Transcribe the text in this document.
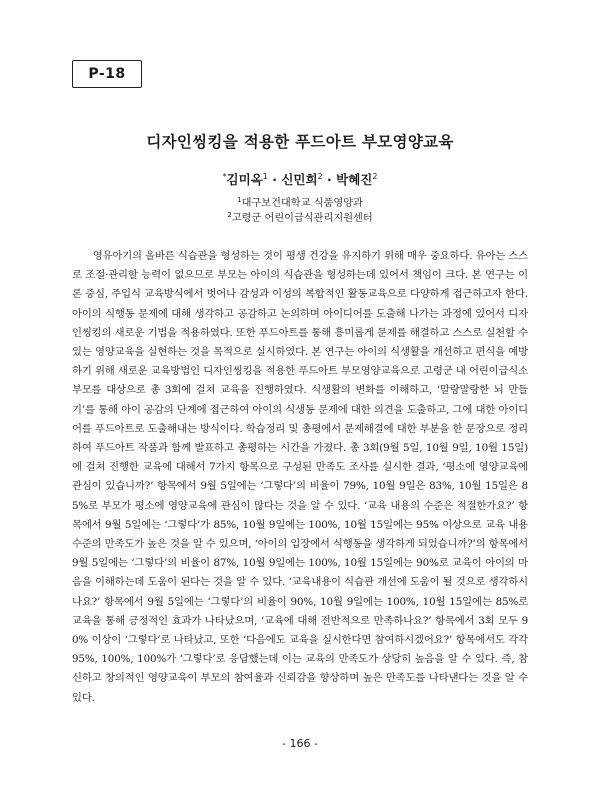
P-18
디자인씽킹을 적용한 푸드아트 부모영양교육
*김미옥$^1$ · 신민희$^2$ · 박혜진$^2$
$^1$대구보건대학교 식품영양과
$^2$고령군 어린이급식관리지원센터

영유아기의 올바른 식습관을 형성하는 것이 평생 건강을 유지하기 위해 매우 중요하다. 유아는 스스로 조절·관리할 능력이 없으므로 부모는 아이의 식습관을 형성하는데 있어서 책임이 크다. 본 연구는 이론 중심, 주입식 교육방식에서 벗어나 감성과 이성의 복합적인 활동교육으로 다양하게 접근하고자 한다. 아이의 식행동 문제에 대해 생각하고 공감하고 논의하며 아이디어를 도출해 나가는 과정에 있어서 디자인씽킹의 새로운 기법을 적용하였다. 또한 푸드아트를 통해 흥미롭게 문제를 해결하고 스스로 실천할 수 있는 영양교육을 실현하는 것을 목적으로 실시하였다. 본 연구는 아이의 식생활을 개선하고 편식을 예방하기 위해 새로운 교육방법인 디자인씽킹을 적용한 푸드아트 부모영양교육으로 고령군 내 어린이급식소 부모를 대상으로 총 3회에 걸쳐 교육을 진행하였다. 식생활의 변화를 이해하고, ‘말랑말랑한 뇌 만들기’를 통해 아이 공감의 단계에 접근하여 아이의 식생동 문제에 대한 의견을 도출하고, 그에 대한 아이디어를 푸드아트로 도출해내는 방식이다. 학습정리 및 총평에서 문제해결에 대한 부분을 한 문장으로 정리하여 푸드아트 작품과 함께 발표하고 총평하는 시간을 가졌다. 총 3회(9월 5일, 10월 9일, 10월 15일)에 걸쳐 진행한 교육에 대해서 7가지 항목으로 구성된 만족도 조사를 실시한 결과, ‘평소에 영양교육에 관심이 있습니까?’ 항목에서 9월 5일에는 ‘그렇다’의 비율이 79%, 10월 9일은 83%, 10월 15일은 85%로 부모가 평소에 영양교육에 관심이 많다는 것을 알 수 있다. ‘교육 내용의 수준은 적절한가요?’ 항목에서 9월 5일에는 ‘그렇다’가 85%, 10월 9일에는 100%, 10월 15일에는 95% 이상으로 교육 내용 수준의 만족도가 높은 것을 알 수 있으며, ‘아이의 입장에서 식행동을 생각하게 되었습니까?’의 항목에서 9월 5일에는 ‘그렇다’의 비율이 87%, 10월 9일에는 100%, 10월 15일에는 90%로 교육이 아이의 마음을 이해하는데 도움이 된다는 것을 알 수 있다. ‘교육내용이 식습관 개선에 도움이 될 것으로 생각하시나요?’ 항목에서 9월 5일에는 ‘그렇다’의 비율이 90%, 10월 9일에는 100%, 10월 15일에는 85%로 교육을 통해 긍정적인 효과가 나타났으며, ‘교육에 대해 전반적으로 만족하나요?’ 항목에서 3회 모두 90% 이상이 ‘그렇다’로 나타났고, 또한 ‘다음에도 교육을 실시한다면 참여하시겠어요?’ 항목에서도 각각 95%, 100%, 100%가 ‘그렇다’로 응답했는데 이는 교육의 만족도가 상당히 높음을 알 수 있다. 즉, 참신하고 창의적인 영양교육이 부모의 참여율과 신뢰감을 향상하며 높은 만족도를 나타낸다는 것을 알 수 있다.

- 166 -
